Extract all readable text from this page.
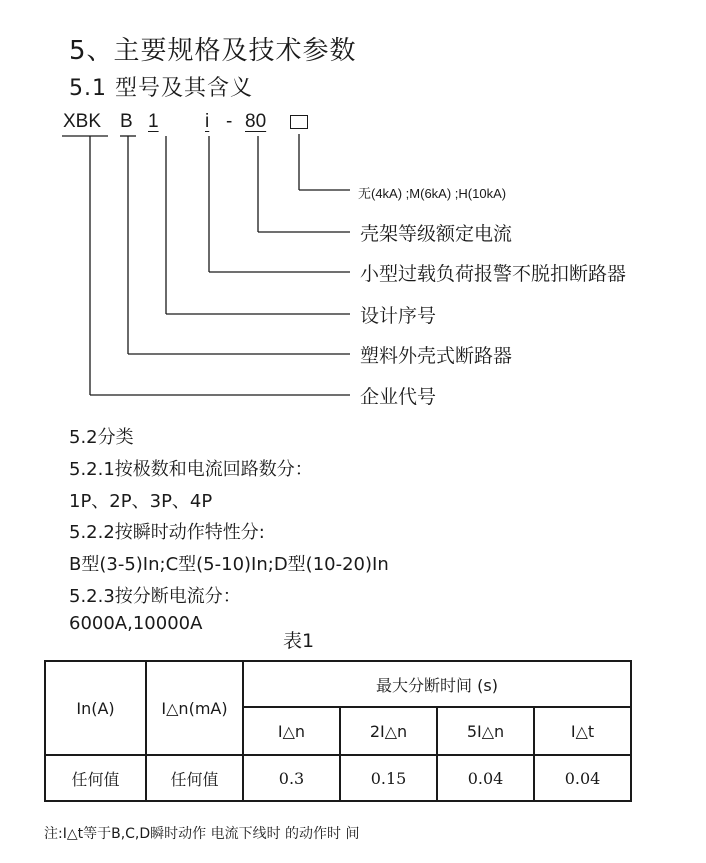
5、主要规格及技术参数
5.1 型号及其含义
XBK B 1 i - 80
无(4kA) ;M(6kA) ;H(10kA)
壳架等级额定电流
小型过载负荷报警不脱扣断路器
设计序号
塑料外壳式断路器
企业代号
5.2分类
5.2.1按极数和电流回路数分：
1P、2P、3P、4P
5.2.2按瞬时动作特性分:
B型(3-5)In;C型(5-10)In;D型(10-20)In
5.2.3按分断电流分：
6000A,10000A
表1
In(A)	I△n(mA)	最大分断时间 (s)			
		I△n	2I△n	5I△n	I△t
任何值	任何值	0.3	0.15	0.04	0.04
注:I△t等于B,C,D瞬时动作 电流下线时 的动作时 间
